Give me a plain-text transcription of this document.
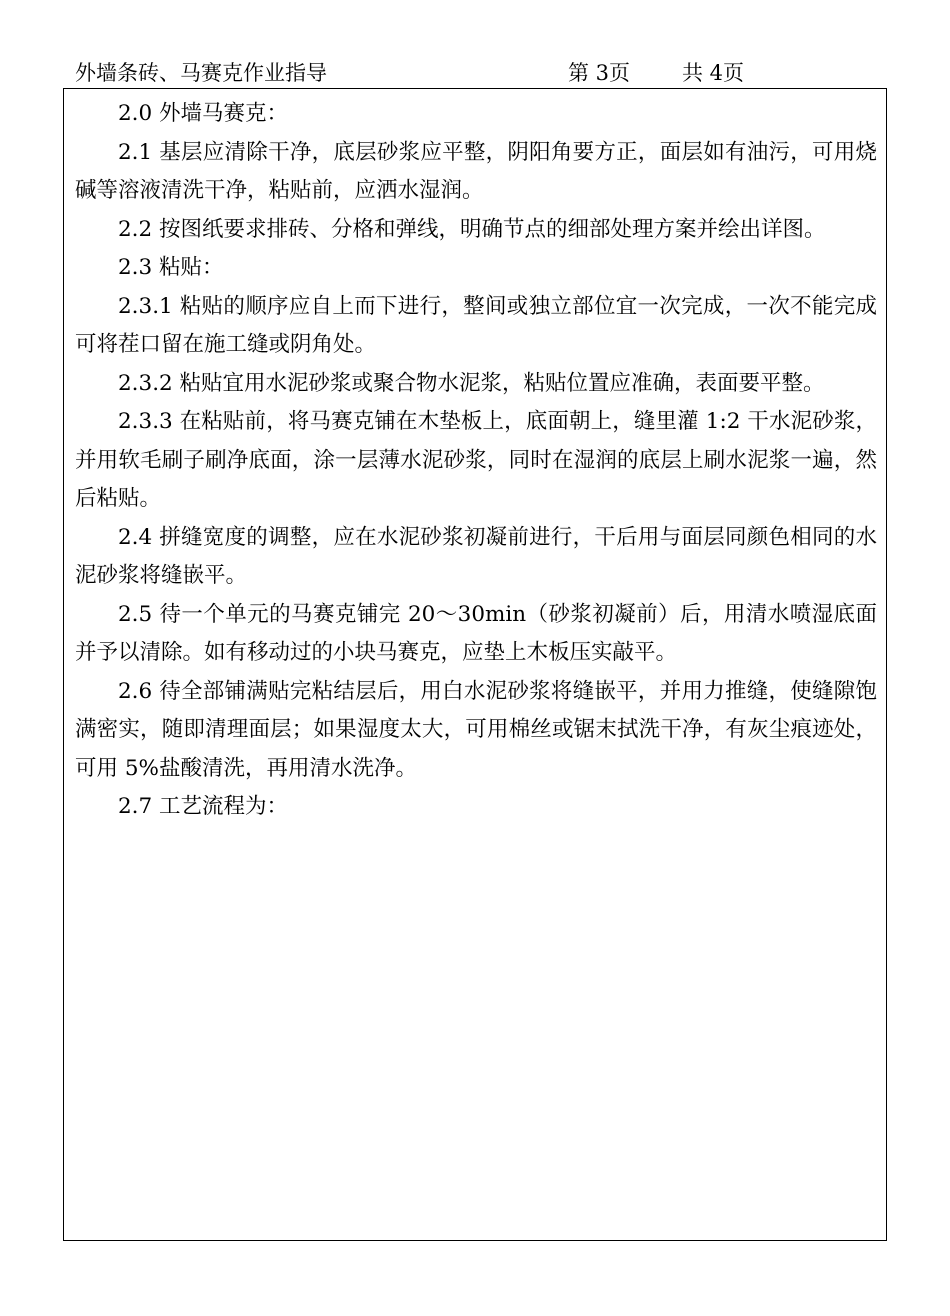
外墙条砖、马赛克作业指导	第 3页 共 4页

2.0 外墙马赛克：

2.1 基层应清除干净，底层砂浆应平整，阴阳角要方正，面层如有油污，可用烧碱等溶液清洗干净，粘贴前，应洒水湿润。

2.2 按图纸要求排砖、分格和弹线，明确节点的细部处理方案并绘出详图。

2.3 粘贴：

2.3.1 粘贴的顺序应自上而下进行，整间或独立部位宜一次完成，一次不能完成可将茬口留在施工缝或阴角处。

2.3.2 粘贴宜用水泥砂浆或聚合物水泥浆，粘贴位置应准确，表面要平整。

2.3.3 在粘贴前，将马赛克铺在木垫板上，底面朝上，缝里灌 1:2 干水泥砂浆，并用软毛刷子刷净底面，涂一层薄水泥砂浆，同时在湿润的底层上刷水泥浆一遍，然后粘贴。

2.4 拼缝宽度的调整，应在水泥砂浆初凝前进行，干后用与面层同颜色相同的水泥砂浆将缝嵌平。

2.5 待一个单元的马赛克铺完 20～30min（砂浆初凝前）后，用清水喷湿底面并予以清除。如有移动过的小块马赛克，应垫上木板压实敲平。

2.6 待全部铺满贴完粘结层后，用白水泥砂浆将缝嵌平，并用力推缝，使缝隙饱满密实，随即清理面层；如果湿度太大，可用棉丝或锯末拭洗干净，有灰尘痕迹处，可用 5%盐酸清洗，再用清水洗净。

2.7 工艺流程为：
